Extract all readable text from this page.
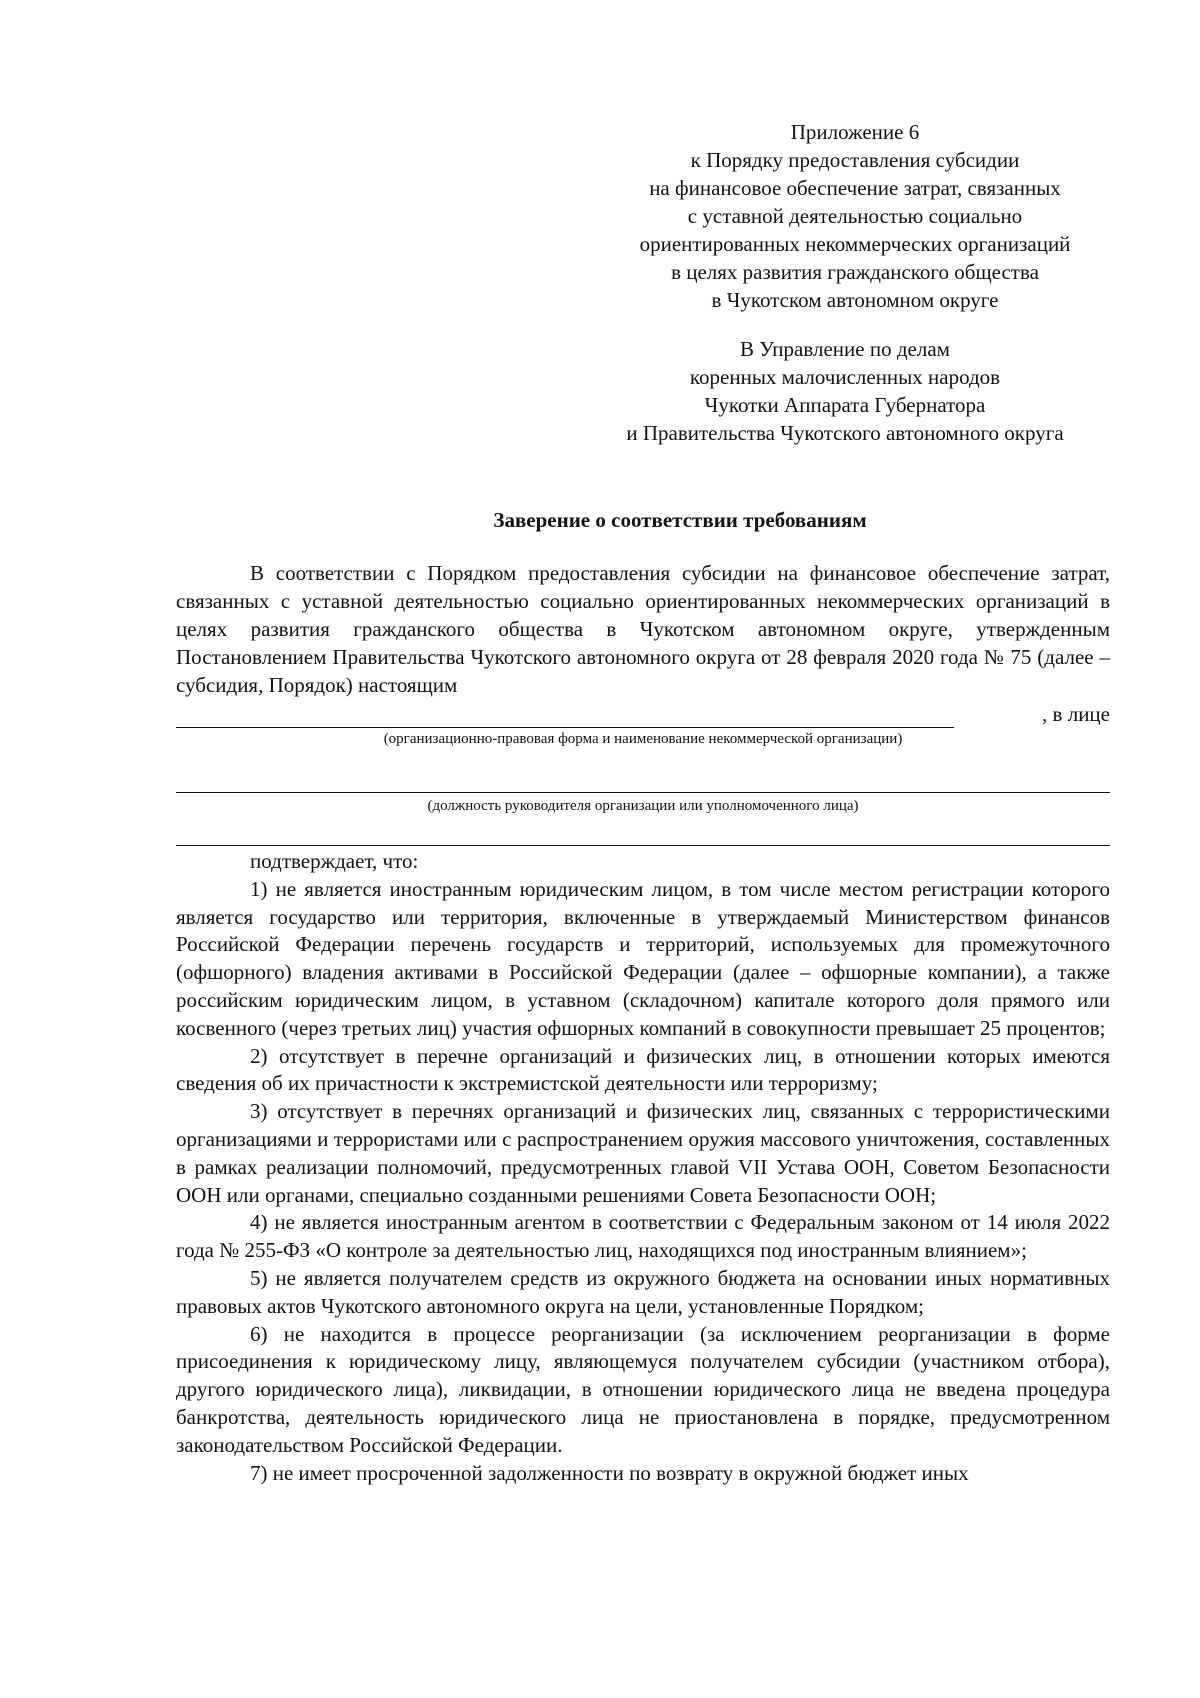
Приложение 6
к Порядку предоставления субсидии
на финансовое обеспечение затрат, связанных
с уставной деятельностью социально
ориентированных некоммерческих организаций
в целях развития гражданского общества
в Чукотском автономном округе
В Управление по делам
коренных малочисленных народов
Чукотки Аппарата Губернатора
и Правительства Чукотского автономного округа
Заверение о соответствии требованиям

В соответствии с Порядком предоставления субсидии на финансовое обеспечение затрат, связанных с уставной деятельностью социально ориентированных некоммерческих организаций в целях развития гражданского общества в Чукотском автономном округе, утвержденным Постановлением Правительства Чукотского автономного округа от 28 февраля 2020 года № 75 (далее – субсидия, Порядок) настоящим

, в лице
(организационно-правовая форма и наименование некоммерческой организации)
(должность руководителя организации или уполномоченного лица)

подтверждает, что:

1) не является иностранным юридическим лицом, в том числе местом регистрации которого является государство или территория, включенные в утверждаемый Министерством финансов Российской Федерации перечень государств и территорий, используемых для промежуточного (офшорного) владения активами в Российской Федерации (далее – офшорные компании), а также российским юридическим лицом, в уставном (складочном) капитале которого доля прямого или косвенного (через третьих лиц) участия офшорных компаний в совокупности превышает 25 процентов;

2) отсутствует в перечне организаций и физических лиц, в отношении которых имеются сведения об их причастности к экстремистской деятельности или терроризму;

3) отсутствует в перечнях организаций и физических лиц, связанных с террористическими организациями и террористами или с распространением оружия массового уничтожения, составленных в рамках реализации полномочий, предусмотренных главой VII Устава ООН, Советом Безопасности ООН или органами, специально созданными решениями Совета Безопасности ООН;

4) не является иностранным агентом в соответствии с Федеральным законом от 14 июля 2022 года № 255-ФЗ «О контроле за деятельностью лиц, находящихся под иностранным влиянием»;

5) не является получателем средств из окружного бюджета на основании иных нормативных правовых актов Чукотского автономного округа на цели, установленные Порядком;

6) не находится в процессе реорганизации (за исключением реорганизации в форме присоединения к юридическому лицу, являющемуся получателем субсидии (участником отбора), другого юридического лица), ликвидации, в отношении юридического лица не введена процедура банкротства, деятельность юридического лица не приостановлена в порядке, предусмотренном законодательством Российской Федерации.

7) не имеет просроченной задолженности по возврату в окружной бюджет иных
